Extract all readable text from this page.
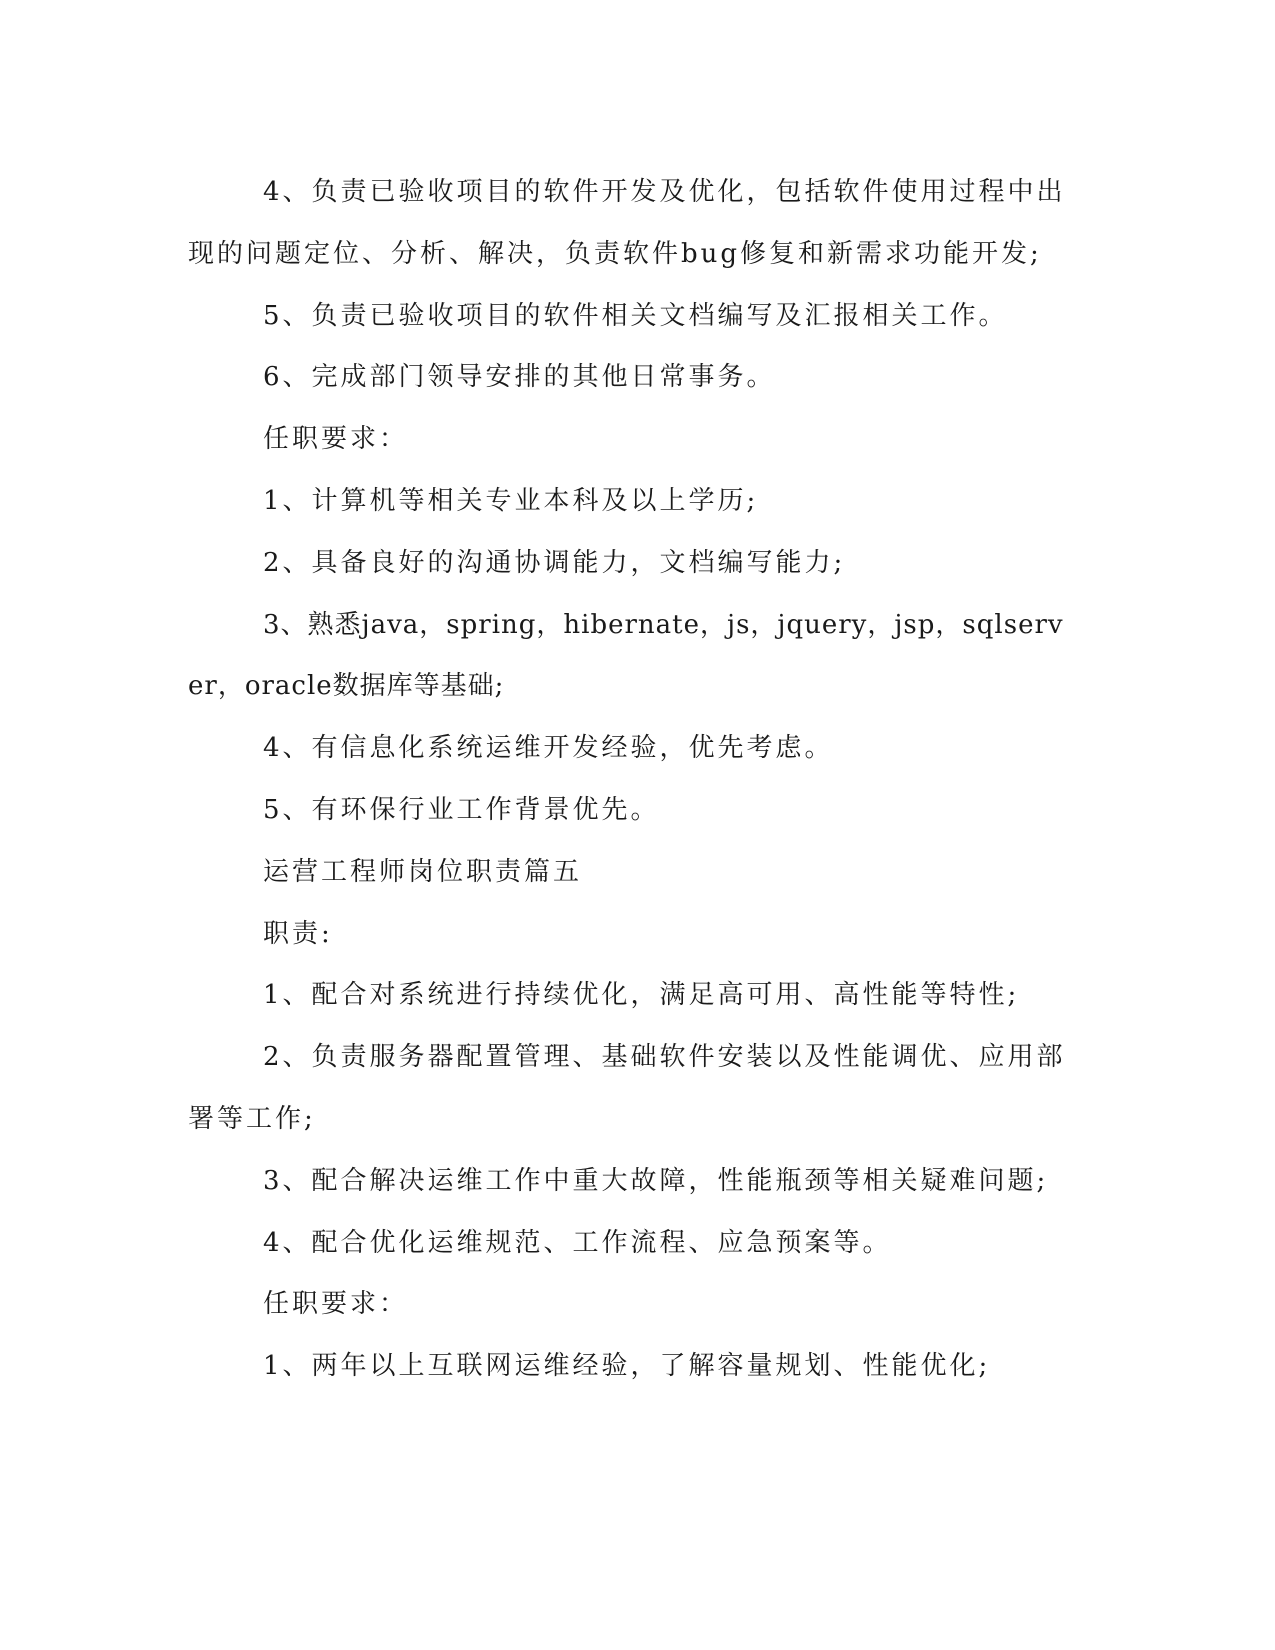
4、负责已验收项目的软件开发及优化，包括软件使用过程中出现的问题定位、分析、解决，负责软件bug修复和新需求功能开发;

5、负责已验收项目的软件相关文档编写及汇报相关工作。

6、完成部门领导安排的其他日常事务。

任职要求：

1、计算机等相关专业本科及以上学历;

2、具备良好的沟通协调能力，文档编写能力;

3、熟悉java，spring，hibernate，js，jquery，jsp，sqlserver，oracle数据库等基础;

4、有信息化系统运维开发经验，优先考虑。

5、有环保行业工作背景优先。

运营工程师岗位职责篇五

职责:

1、配合对系统进行持续优化，满足高可用、高性能等特性;

2、负责服务器配置管理、基础软件安装以及性能调优、应用部署等工作;

3、配合解决运维工作中重大故障，性能瓶颈等相关疑难问题;

4、配合优化运维规范、工作流程、应急预案等。

任职要求：

1、两年以上互联网运维经验，了解容量规划、性能优化;
